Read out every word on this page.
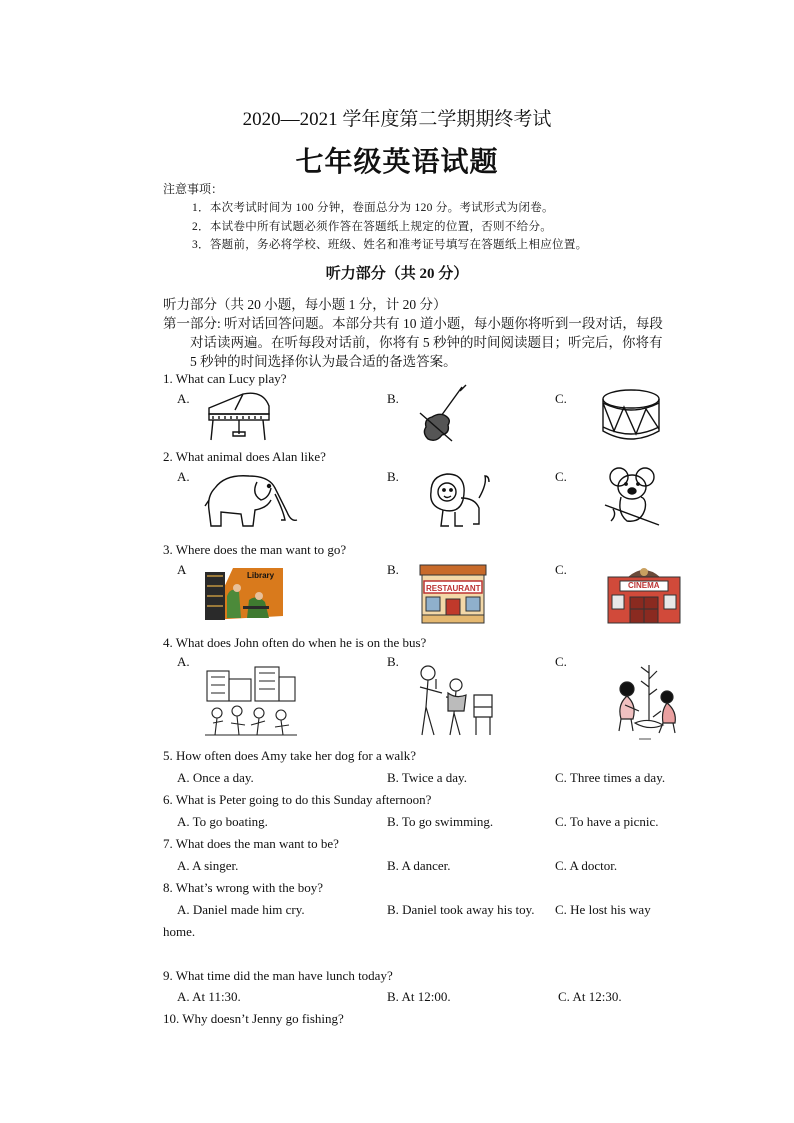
2020—2021 学年度第二学期期终考试
七年级英语试题
注意事项：
1．本次考试时间为 100 分钟，卷面总分为 120 分。考试形式为闭卷。
2．本试卷中所有试题必须作答在答题纸上规定的位置，否则不给分。
3．答题前，务必将学校、班级、姓名和准考证号填写在答题纸上相应位置。
听力部分（共 20 分）
听力部分（共 20 小题，每小题 1 分，计 20 分）
第一部分: 听对话回答问题。本部分共有 10 道小题，每小题你将听到一段对话，每段
对话读两遍。在听每段对话前，你将有 5 秒钟的时间阅读题目；听完后，你将有
5 秒钟的时间选择你认为最合适的备选答案。
1. What can Lucy play?
A.	B.	C.
2. What animal does Alan like?
A.	B.	C.
3. Where does the man want to go?
A	B.	C.
Library
RESTAURANT	CINEMA
4. What does John often do when he is on the bus?
A.	B.	C.
5. How often does Amy take her dog for a walk?
A. Once a day.	B. Twice a day.	C. Three times a day.
6. What is Peter going to do this Sunday afternoon?
A. To go boating.	B. To go swimming.	C. To have a picnic.
7. What does the man want to be?
A. A singer.	B. A dancer.	C. A doctor.
8. What’s wrong with the boy?
A. Daniel made him cry.	B. Daniel took away his toy. C. He lost his way
home.
9. What time did the man have lunch today?
A. At 11:30.	B. At 12:00.	C. At 12:30.
10. Why doesn’t Jenny go fishing?
